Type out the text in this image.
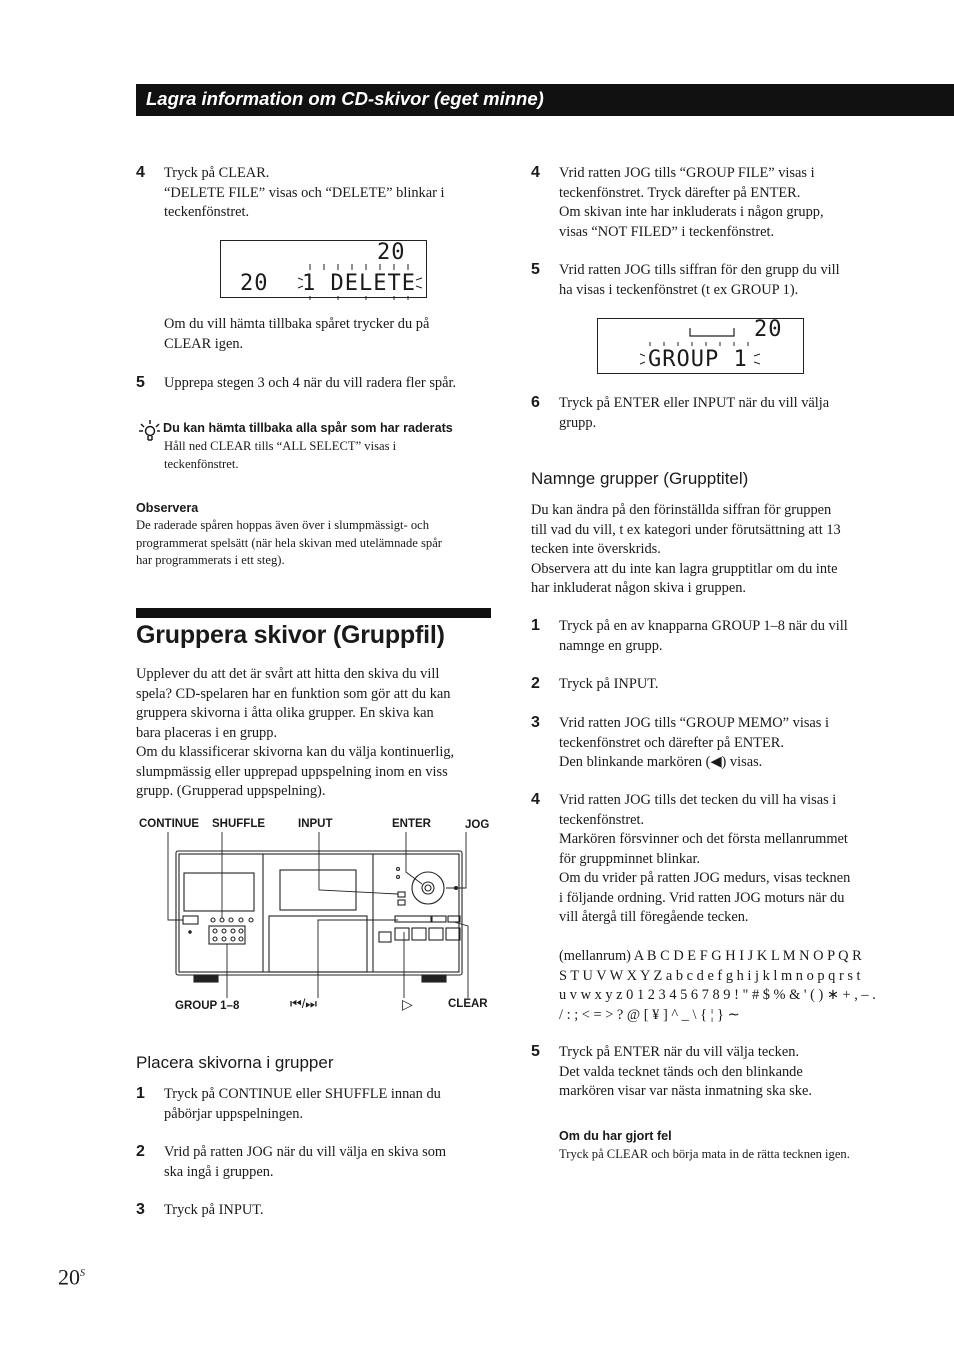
Lagra information om CD-skivor (eget minne)
4 Tryck på CLEAR.
“DELETE FILE” visas och “DELETE” blinkar i
teckenfönstret.
20
20 1 DELETE
Om du vill hämta tillbaka spåret trycker du på
CLEAR igen.
5 Upprepa stegen 3 och 4 när du vill radera fler spår.
Du kan hämta tillbaka alla spår som har raderats
Håll ned CLEAR tills “ALL SELECT” visas i
teckenfönstret.
Observera
De raderade spåren hoppas även över i slumpmässigt- och
programmerat spelsätt (när hela skivan med utelämnade spår
har programmerats i ett steg).
Gruppera skivor (Gruppfil)
Upplever du att det är svårt att hitta den skiva du vill
spela? CD-spelaren har en funktion som gör att du kan
gruppera skivorna i åtta olika grupper. En skiva kan
bara placeras i en grupp.
Om du klassificerar skivorna kan du välja kontinuerlig,
slumpmässig eller upprepad uppspelning inom en viss
grupp. (Grupperad uppspelning).
CONTINUE SHUFFLE	INPUT	ENTER	JOG
GROUP 1–8	⏮/⏭	▷	CLEAR
Placera skivorna i grupper
1 Tryck på CONTINUE eller SHUFFLE innan du
påbörjar uppspelningen.
2 Vrid på ratten JOG när du vill välja en skiva som
ska ingå i gruppen.
3 Tryck på INPUT.
4 Vrid ratten JOG tills “GROUP FILE” visas i
teckenfönstret. Tryck därefter på ENTER.
Om skivan inte har inkluderats i någon grupp,
visas “NOT FILED” i teckenfönstret.
5 Vrid ratten JOG tills siffran för den grupp du vill
ha visas i teckenfönstret (t ex GROUP 1).
20
GROUP 1
6 Tryck på ENTER eller INPUT när du vill välja
grupp.
Namnge grupper (Grupptitel)
Du kan ändra på den förinställda siffran för gruppen
till vad du vill, t ex kategori under förutsättning att 13
tecken inte överskrids.
Observera att du inte kan lagra grupptitlar om du inte
har inkluderat någon skiva i gruppen.
1 Tryck på en av knapparna GROUP 1–8 när du vill
namnge en grupp.
2 Tryck på INPUT.
3 Vrid ratten JOG tills “GROUP MEMO” visas i
teckenfönstret och därefter på ENTER.
Den blinkande markören (◀) visas.
4 Vrid ratten JOG tills det tecken du vill ha visas i
teckenfönstret.
Markören försvinner och det första mellanrummet
för gruppminnet blinkar.
Om du vrider på ratten JOG medurs, visas tecknen
i följande ordning. Vrid ratten JOG moturs när du
vill återgå till föregående tecken.
(mellanrum) A B C D E F G H I J K L M N O P Q R
S T U V W X Y Z a b c d e f g h i j k l m n o p q r s t
u v w x y z 0 1 2 3 4 5 6 7 8 9 ! " # $ % & ' ( ) ∗ + , – .
/ : ; < = > ? @ [ ¥ ] ^ _ \ { ¦ } ∼
5 Tryck på ENTER när du vill välja tecken.
Det valda tecknet tänds och den blinkande
markören visar var nästa inmatning ska ske.
Om du har gjort fel
Tryck på CLEAR och börja mata in de rätta tecknen igen.
$20^S$
